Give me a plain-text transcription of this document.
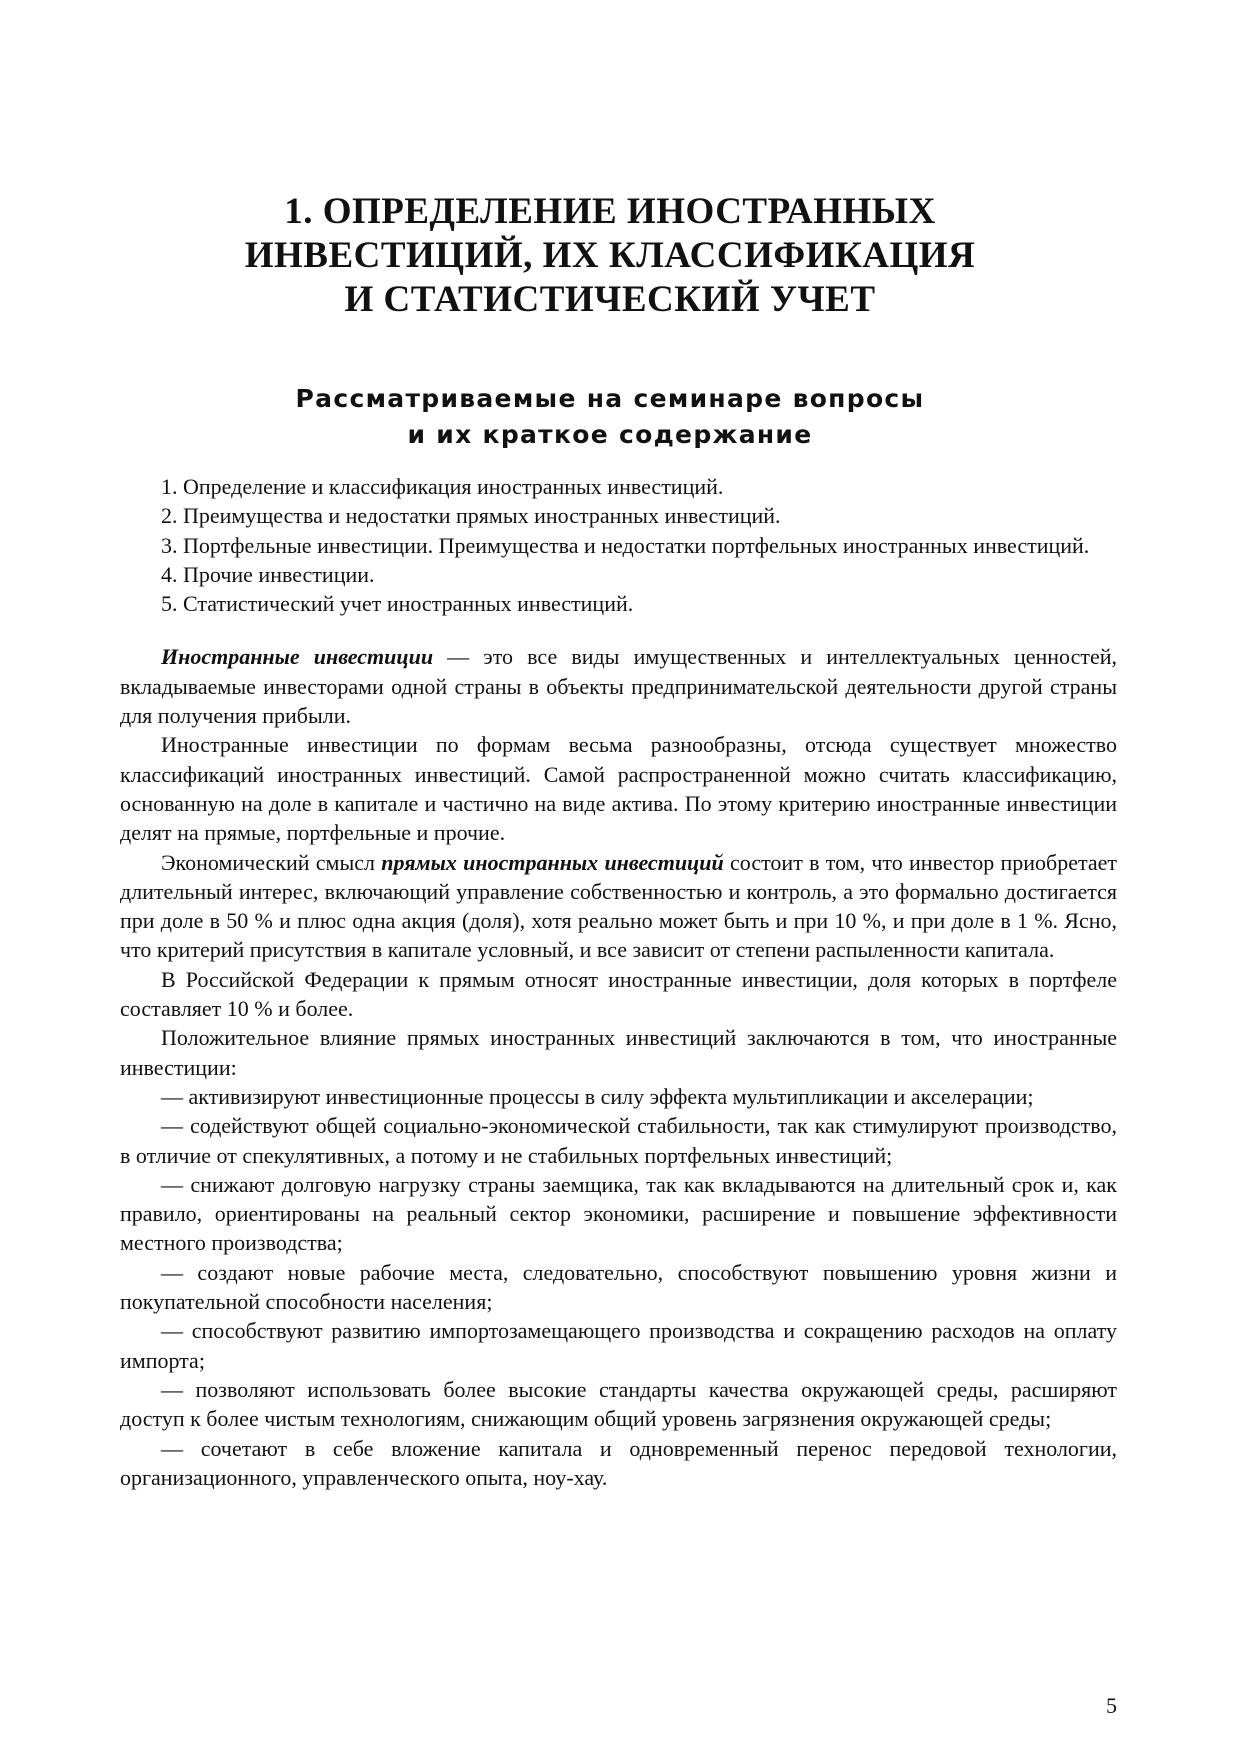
1. ОПРЕДЕЛЕНИЕ ИНОСТРАННЫХ
ИНВЕСТИЦИЙ, ИХ КЛАССИФИКАЦИЯ
И СТАТИСТИЧЕСКИЙ УЧЕТ
Рассматриваемые на семинаре вопросы
и их краткое содержание

1. Определение и классификация иностранных инвестиций.

2. Преимущества и недостатки прямых иностранных инвестиций.

3. Портфельные инвестиции. Преимущества и недостатки портфельных иностранных инвестиций.

4. Прочие инвестиции.

5. Статистический учет иностранных инвестиций.

Иностранные инвестиции — это все виды имущественных и интеллектуальных ценностей, вкладываемые инвесторами одной страны в объекты предпринимательской деятельности другой страны для получения прибыли.

Иностранные инвестиции по формам весьма разнообразны, отсюда существует множество классификаций иностранных инвестиций. Самой распространенной можно считать классификацию, основанную на доле в капитале и частично на виде актива. По этому критерию иностранные инвестиции делят на прямые, портфельные и прочие.

Экономический смысл прямых иностранных инвестиций состоит в том, что инвестор приобретает длительный интерес, включающий управление собственностью и контроль, а это формально достигается при доле в 50 % и плюс одна акция (доля), хотя реально может быть и при 10 %, и при доле в 1 %. Ясно, что критерий присутствия в капитале условный, и все зависит от степени распыленности капитала.

В Российской Федерации к прямым относят иностранные инвестиции, доля которых в портфеле составляет 10 % и более.

Положительное влияние прямых иностранных инвестиций заключаются в том, что иностранные инвестиции:

— активизируют инвестиционные процессы в силу эффекта мультипликации и акселерации;

— содействуют общей социально-экономической стабильности, так как стимулируют производство, в отличие от спекулятивных, а потому и не стабильных портфельных инвестиций;

— снижают долговую нагрузку страны заемщика, так как вкладываются на длительный срок и, как правило, ориентированы на реальный сектор экономики, расширение и повышение эффективности местного производства;

— создают новые рабочие места, следовательно, способствуют повышению уровня жизни и покупательной способности населения;

— способствуют развитию импортозамещающего производства и сокращению расходов на оплату импорта;

— позволяют использовать более высокие стандарты качества окружающей среды, расширяют доступ к более чистым технологиям, снижающим общий уровень загрязнения окружающей среды;

— сочетают в себе вложение капитала и одновременный перенос передовой технологии, организационного, управленческого опыта, ноу-хау.

5
